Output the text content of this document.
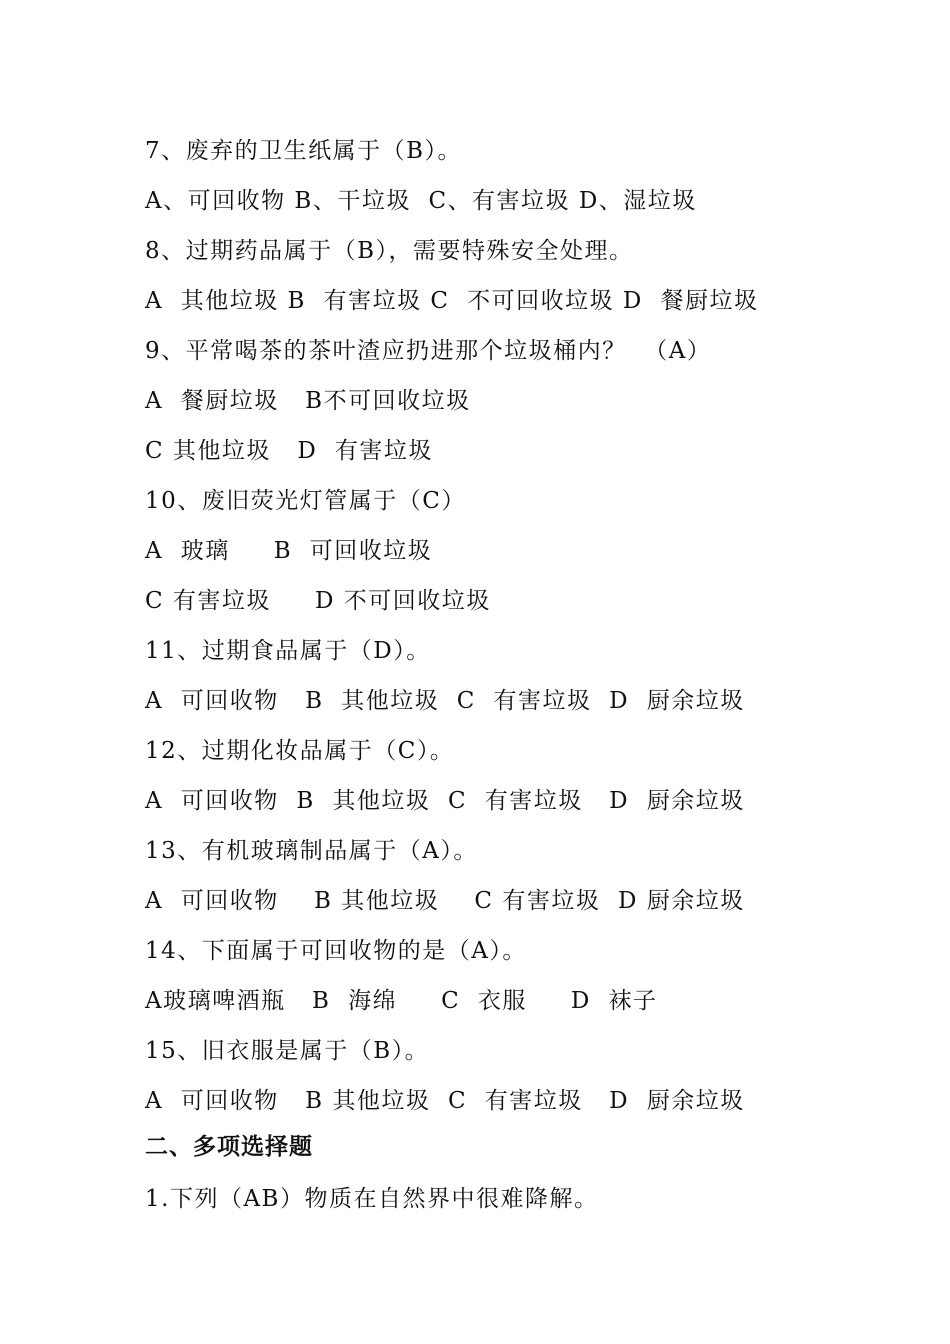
7、废弃的卫生纸属于（B）。
A、可回收物 B、干垃圾  C、有害垃圾 D、湿垃圾
8、过期药品属于（B），需要特殊安全处理。
A  其他垃圾 B  有害垃圾 C  不可回收垃圾 D  餐厨垃圾
9、平常喝茶的茶叶渣应扔进那个垃圾桶内？  （A）
A  餐厨垃圾   B不可回收垃圾
C 其他垃圾   D  有害垃圾
10、废旧荧光灯管属于（C）
A  玻璃     B  可回收垃圾
C 有害垃圾     D 不可回收垃圾
11、过期食品属于（D）。
A  可回收物   B  其他垃圾  C  有害垃圾  D  厨余垃圾
12、过期化妆品属于（C）。
A  可回收物  B  其他垃圾  C  有害垃圾   D  厨余垃圾
13、有机玻璃制品属于（A）。
A  可回收物    B 其他垃圾    C 有害垃圾  D 厨余垃圾
14、下面属于可回收物的是（A）。
A玻璃啤酒瓶   B  海绵     C  衣服     D  袜子
15、旧衣服是属于（B）。
A  可回收物   B 其他垃圾  C  有害垃圾   D  厨余垃圾
二、多项选择题
1.下列（AB）物质在自然界中很难降解。
